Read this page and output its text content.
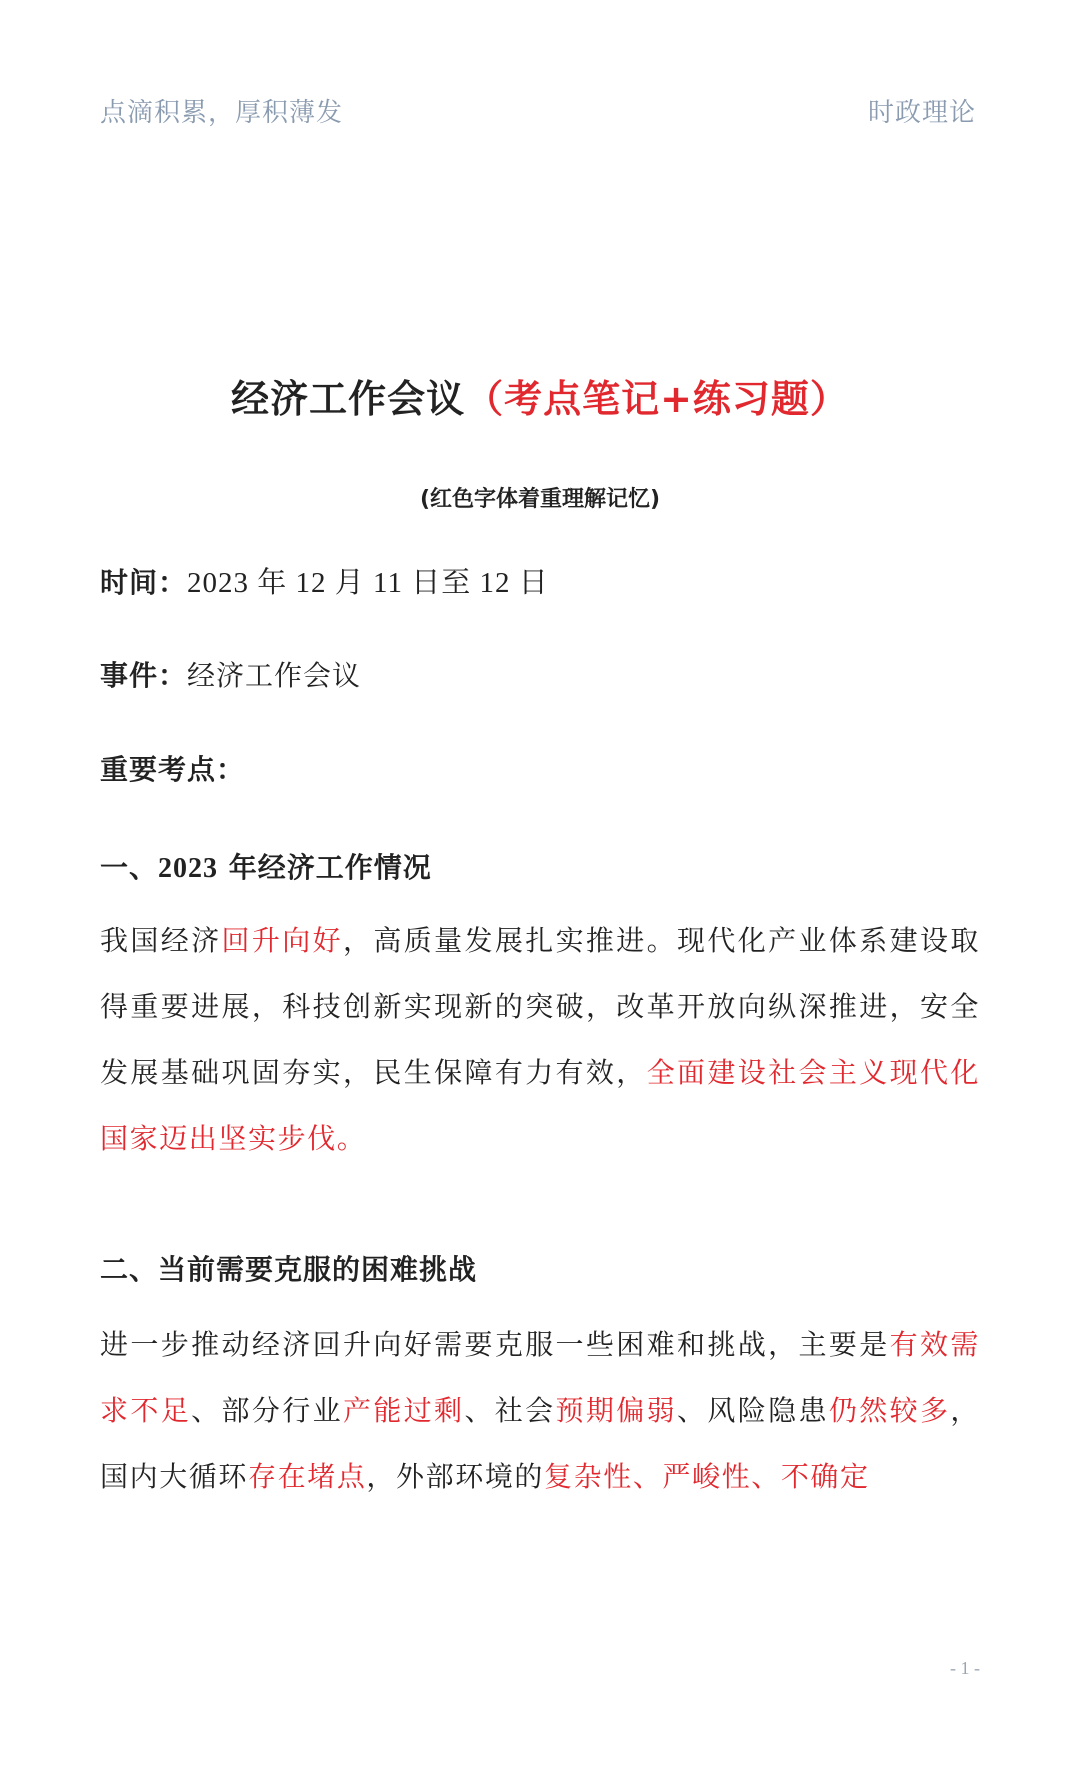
点滴积累，厚积薄发	时政理论
经济工作会议（考点笔记+练习题）
(红色字体着重理解记忆)
时间：2023 年 12 月 11 日至 12 日
事件：经济工作会议
重要考点：
一、2023 年经济工作情况
我国经济回升向好，高质量发展扎实推进。现代化产业体系建设取得重要进展，科技创新实现新的突破，改革开放向纵深推进，安全发展基础巩固夯实，民生保障有力有效，全面建设社会主义现代化国家迈出坚实步伐。
二、当前需要克服的困难挑战
进一步推动经济回升向好需要克服一些困难和挑战，主要是有效需求不足、部分行业产能过剩、社会预期偏弱、风险隐患仍然较多，国内大循环存在堵点，外部环境的复杂性、严峻性、不确定
- 1 -
